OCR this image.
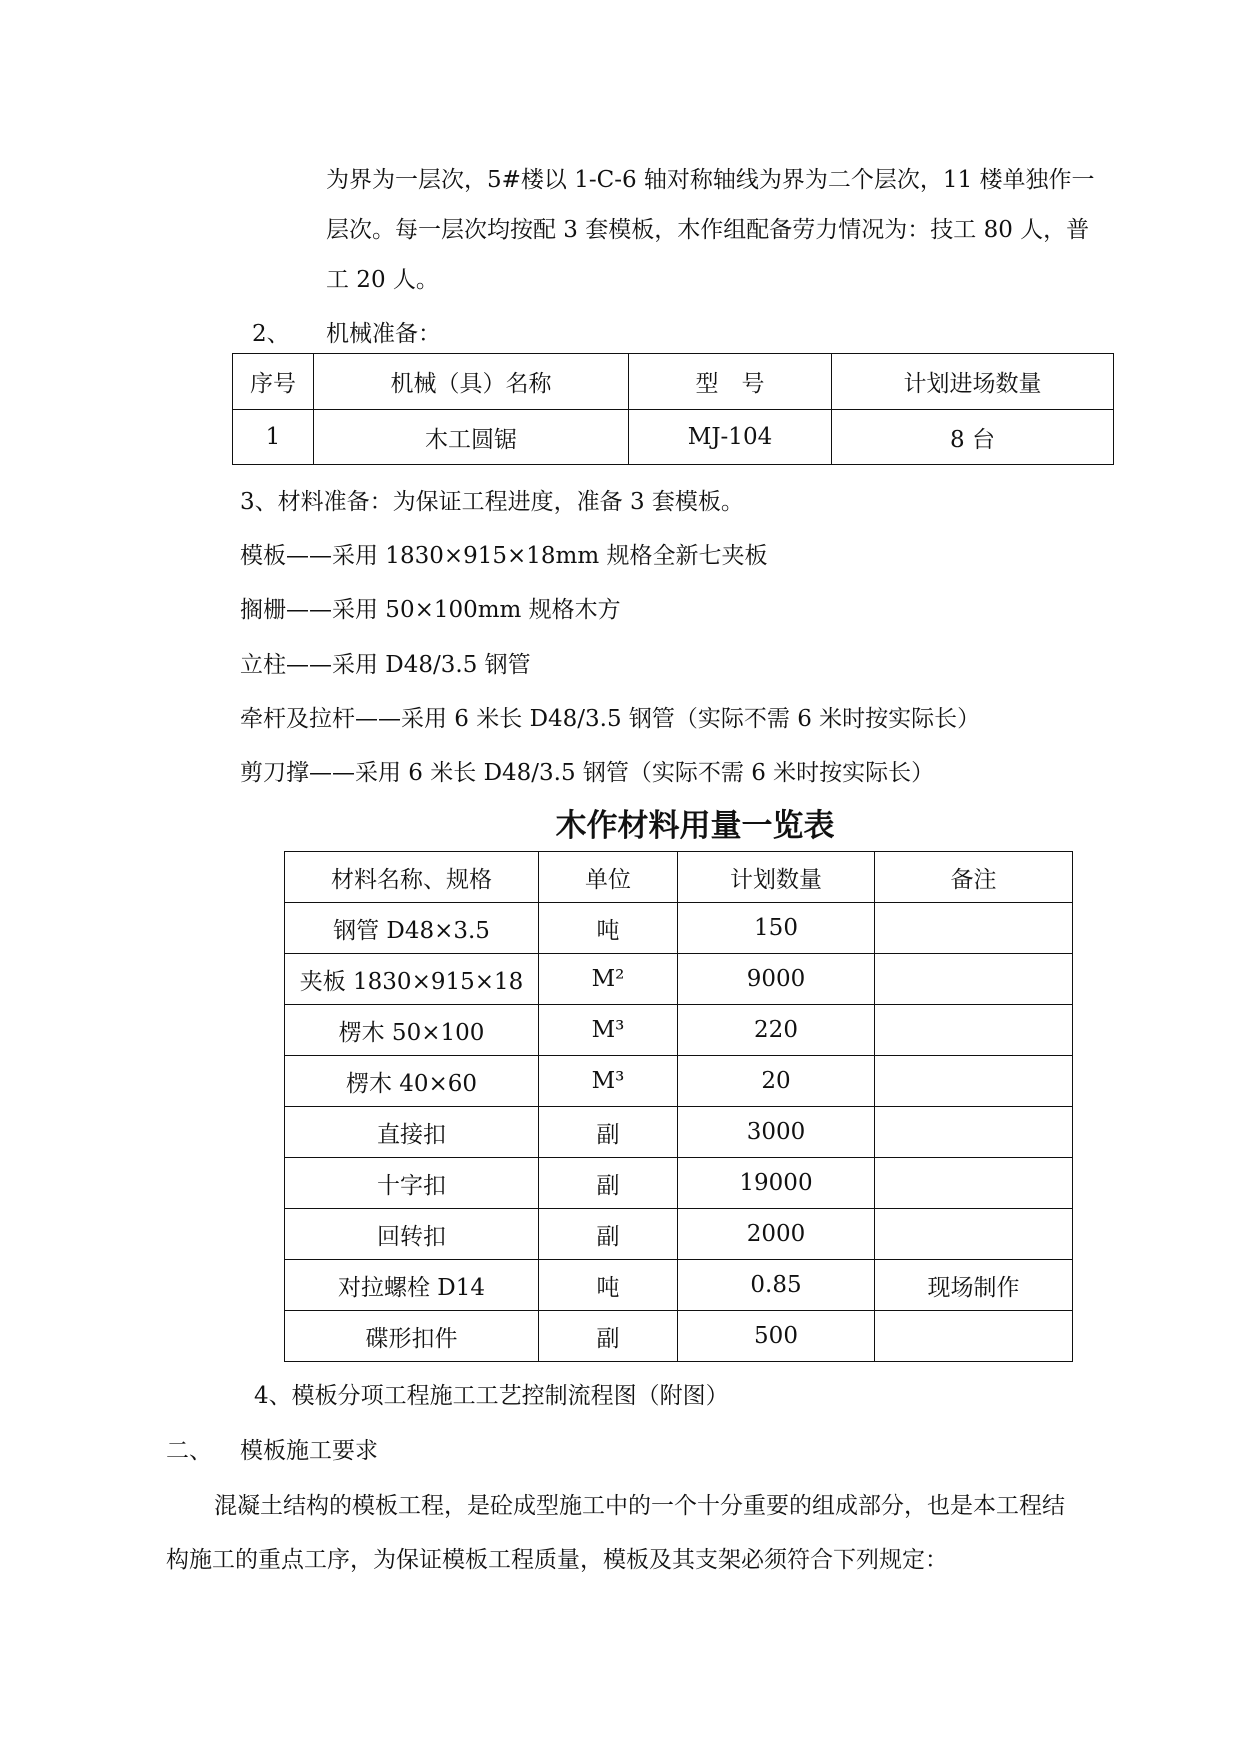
为界为一层次，5#楼以 1-C-6 轴对称轴线为界为二个层次，11 楼单独作一
层次。每一层次均按配 3 套模板，木作组配备劳力情况为：技工 80 人，普
工 20 人。
2、 机械准备：
序号	机械（具）名称	型　号	计划进场数量
1	木工圆锯	MJ-104	8 台
3、材料准备：为保证工程进度，准备 3 套模板。
模板——采用 1830×915×18mm 规格全新七夹板
搁栅——采用 50×100mm 规格木方
立柱——采用 D48/3.5 钢管
牵杆及拉杆——采用 6 米长 D48/3.5 钢管（实际不需 6 米时按实际长）
剪刀撑——采用 6 米长 D48/3.5 钢管（实际不需 6 米时按实际长）
木作材料用量一览表
材料名称、规格	单位	计划数量	备注
钢管 D48×3.5	吨	150	
夹板 1830×915×18	M²	9000	
楞木 50×100	M³	220	
楞木 40×60	M³	20	
直接扣	副	3000	
十字扣	副	19000	
回转扣	副	2000	
对拉螺栓 D14	吨	0.85	现场制作
碟形扣件	副	500	
4、模板分项工程施工工艺控制流程图（附图）
二、 模板施工要求
混凝土结构的模板工程，是砼成型施工中的一个十分重要的组成部分，也是本工程结
构施工的重点工序，为保证模板工程质量，模板及其支架必须符合下列规定：
